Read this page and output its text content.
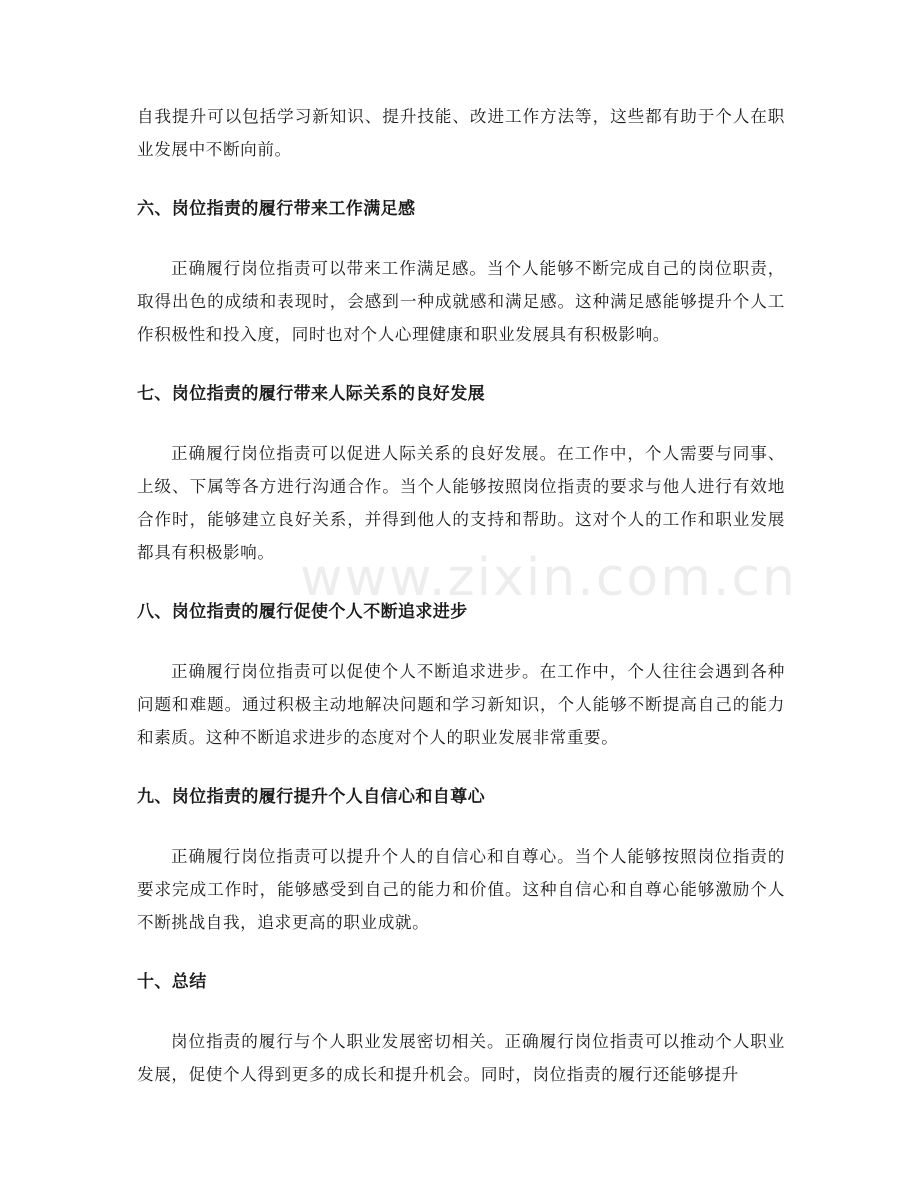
www.zixin.com.cn

自我提升可以包括学习新知识、提升技能、改进工作方法等，这些都有助于个人在职业发展中不断向前。

六、岗位指责的履行带来工作满足感

正确履行岗位指责可以带来工作满足感。当个人能够不断完成自己的岗位职责，取得出色的成绩和表现时，会感到一种成就感和满足感。这种满足感能够提升个人工作积极性和投入度，同时也对个人心理健康和职业发展具有积极影响。

七、岗位指责的履行带来人际关系的良好发展

正确履行岗位指责可以促进人际关系的良好发展。在工作中，个人需要与同事、上级、下属等各方进行沟通合作。当个人能够按照岗位指责的要求与他人进行有效地合作时，能够建立良好关系，并得到他人的支持和帮助。这对个人的工作和职业发展都具有积极影响。

八、岗位指责的履行促使个人不断追求进步

正确履行岗位指责可以促使个人不断追求进步。在工作中，个人往往会遇到各种问题和难题。通过积极主动地解决问题和学习新知识，个人能够不断提高自己的能力和素质。这种不断追求进步的态度对个人的职业发展非常重要。

九、岗位指责的履行提升个人自信心和自尊心

正确履行岗位指责可以提升个人的自信心和自尊心。当个人能够按照岗位指责的要求完成工作时，能够感受到自己的能力和价值。这种自信心和自尊心能够激励个人不断挑战自我，追求更高的职业成就。

十、总结

岗位指责的履行与个人职业发展密切相关。正确履行岗位指责可以推动个人职业发展，促使个人得到更多的成长和提升机会。同时，岗位指责的履行还能够提升
